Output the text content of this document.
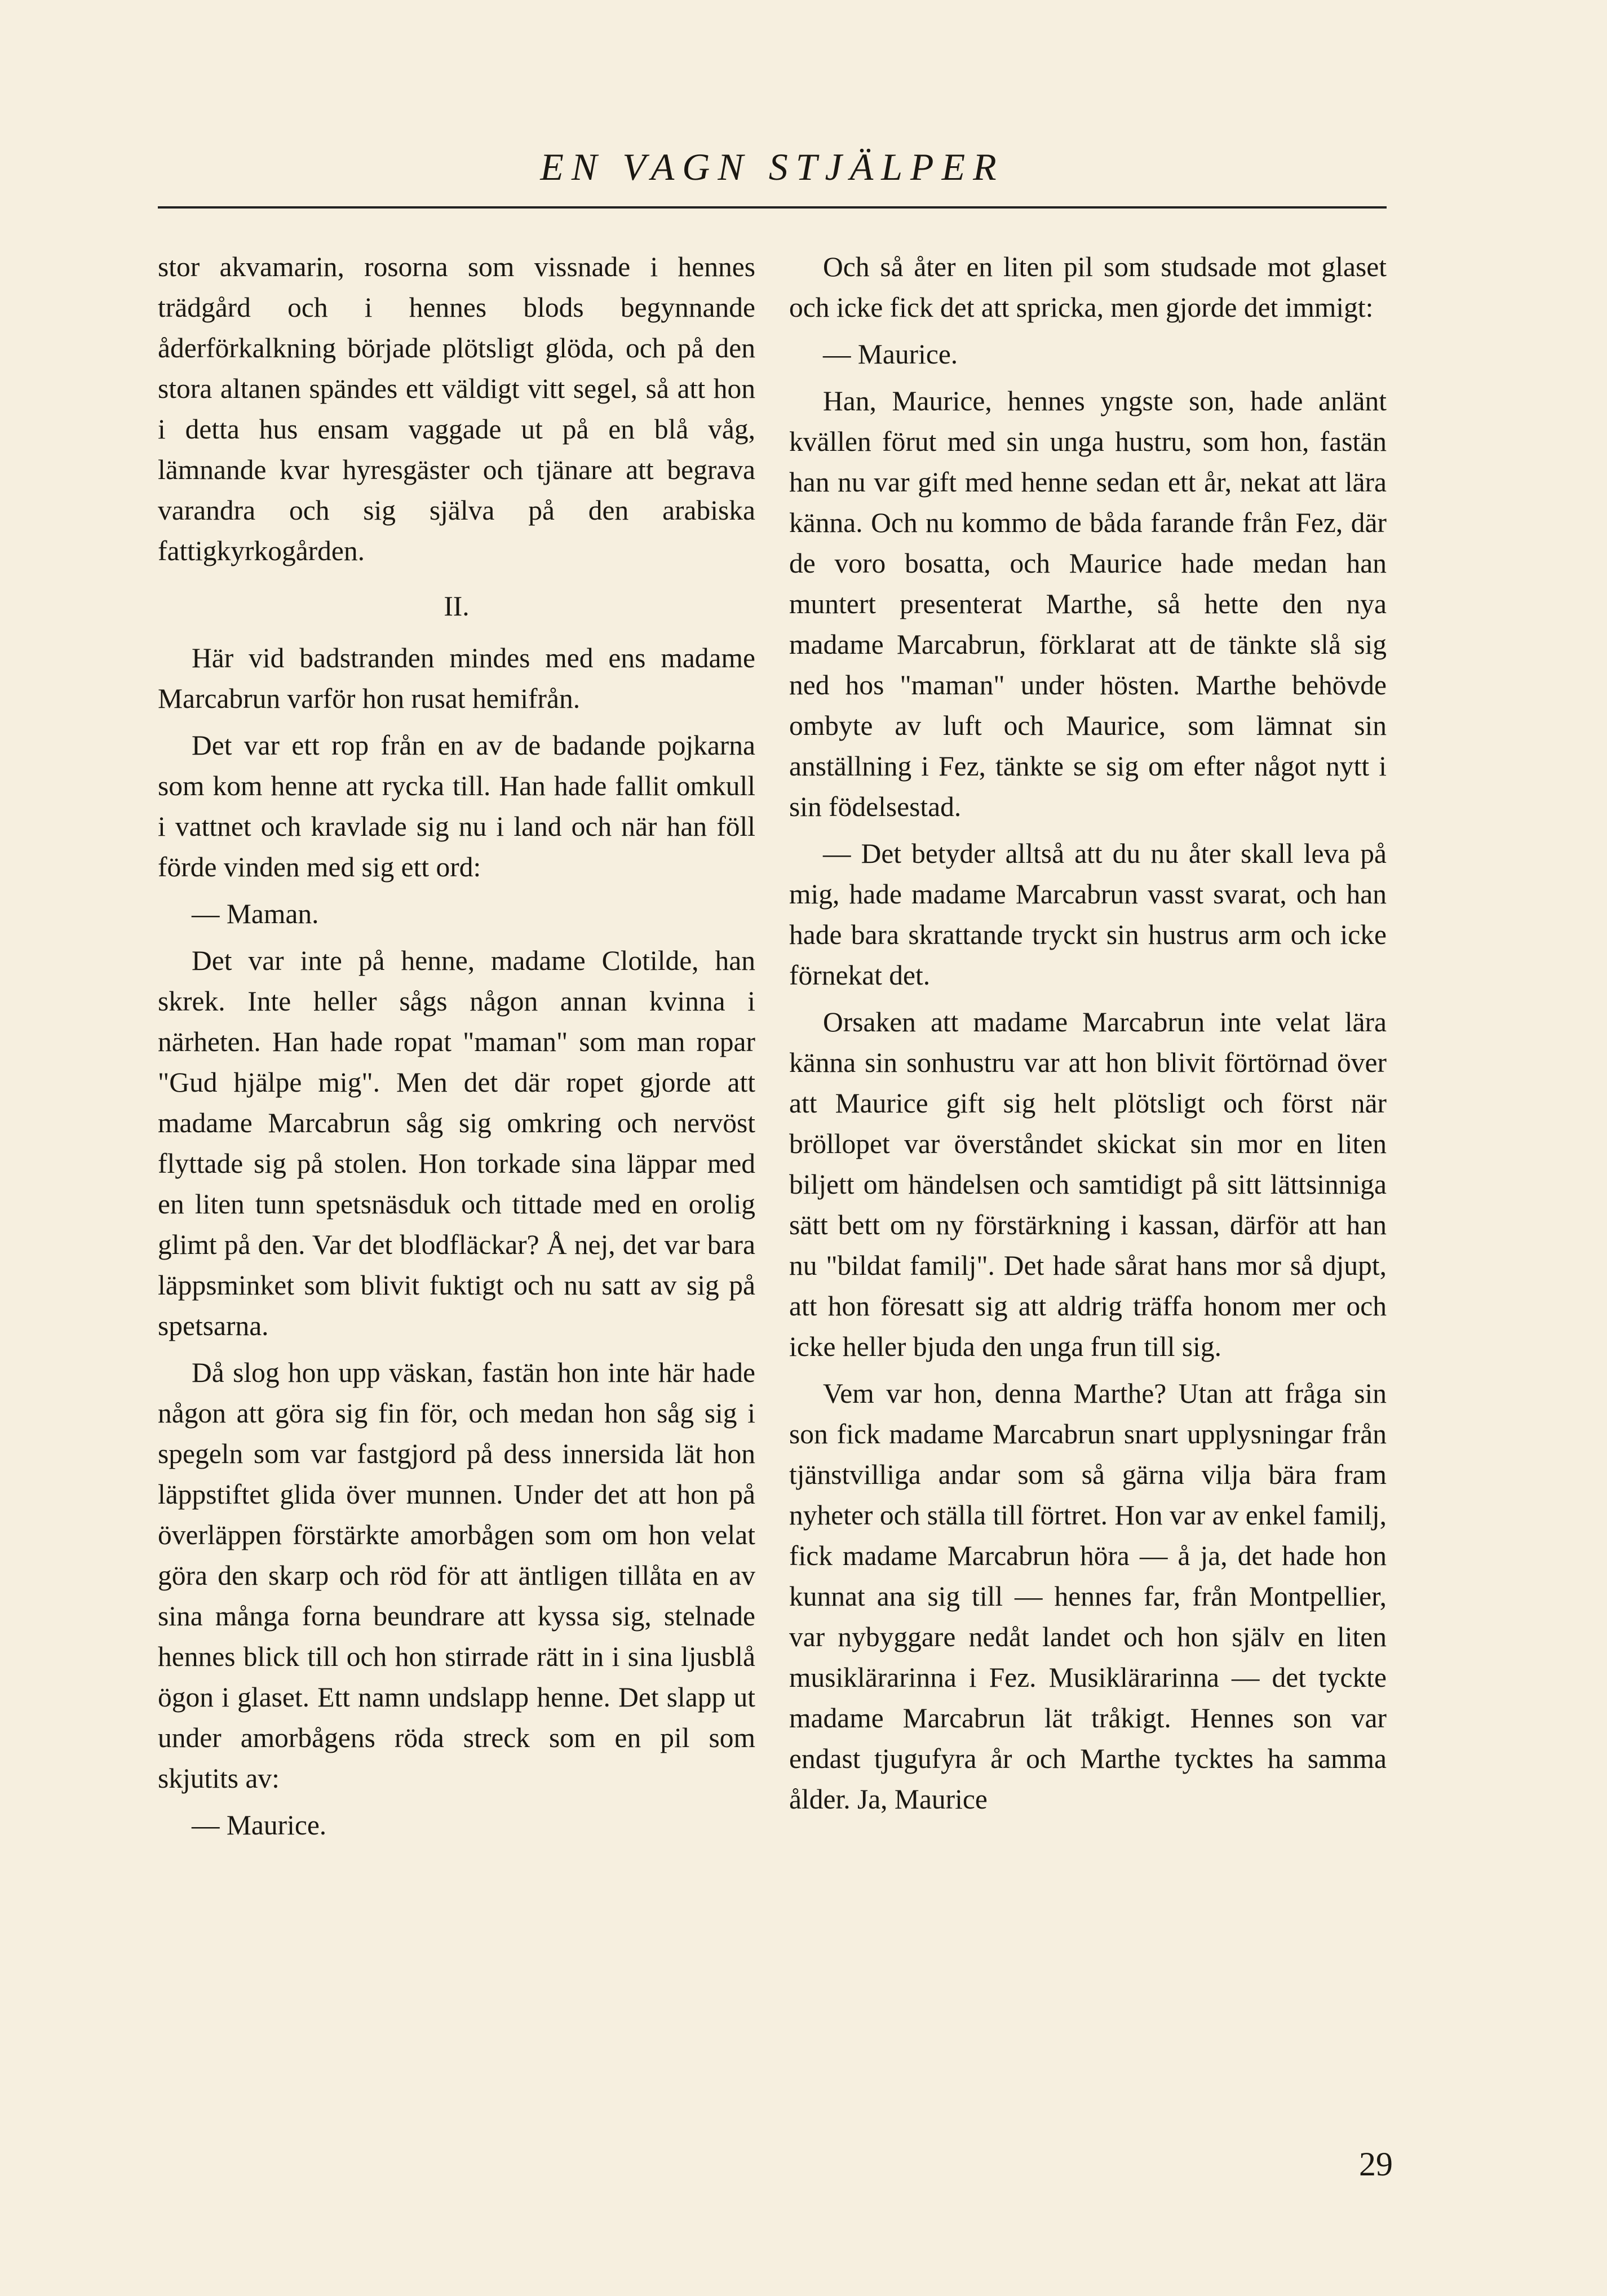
EN VAGN STJÄLPER

stor akvamarin, rosorna som vissnade i hennes trädgård och i hennes blods begynnande åderförkalkning började plötsligt glöda, och på den stora altanen spändes ett väldigt vitt segel, så att hon i detta hus ensam vaggade ut på en blå våg, lämnande kvar hyresgäster och tjänare att begrava varandra och sig själva på den arabiska fattigkyrkogården.

II.

Här vid badstranden mindes med ens madame Marcabrun varför hon rusat hemifrån.

Det var ett rop från en av de badande pojkarna som kom henne att rycka till. Han hade fallit omkull i vattnet och kravlade sig nu i land och när han föll förde vinden med sig ett ord:

— Maman.

Det var inte på henne, madame Clotilde, han skrek. Inte heller sågs någon annan kvinna i närheten. Han hade ropat "maman" som man ropar "Gud hjälpe mig". Men det där ropet gjorde att madame Marcabrun såg sig omkring och nervöst flyttade sig på stolen. Hon torkade sina läppar med en liten tunn spetsnäsduk och tittade med en orolig glimt på den. Var det blodfläckar? Å nej, det var bara läppsminket som blivit fuktigt och nu satt av sig på spetsarna.

Då slog hon upp väskan, fastän hon inte här hade någon att göra sig fin för, och medan hon såg sig i spegeln som var fastgjord på dess innersida lät hon läppstiftet glida över munnen. Under det att hon på överläppen förstärkte amorbågen som om hon velat göra den skarp och röd för att äntligen tillåta en av sina många forna beundrare att kyssa sig, stelnade hennes blick till och hon stirrade rätt in i sina ljusblå ögon i glaset. Ett namn undslapp henne. Det slapp ut under amorbågens röda streck som en pil som skjutits av:

— Maurice.

Och så åter en liten pil som studsade mot glaset och icke fick det att spricka, men gjorde det immigt:

— Maurice.

Han, Maurice, hennes yngste son, hade anlänt kvällen förut med sin unga hustru, som hon, fastän han nu var gift med henne sedan ett år, nekat att lära känna. Och nu kommo de båda farande från Fez, där de voro bosatta, och Maurice hade medan han muntert presenterat Marthe, så hette den nya madame Marcabrun, förklarat att de tänkte slå sig ned hos "maman" under hösten. Marthe behövde ombyte av luft och Maurice, som lämnat sin anställning i Fez, tänkte se sig om efter något nytt i sin födelsestad.

— Det betyder alltså att du nu åter skall leva på mig, hade madame Marcabrun vasst svarat, och han hade bara skrattande tryckt sin hustrus arm och icke förnekat det.

Orsaken att madame Marcabrun inte velat lära känna sin sonhustru var att hon blivit förtörnad över att Maurice gift sig helt plötsligt och först när bröllopet var överståndet skickat sin mor en liten biljett om händelsen och samtidigt på sitt lättsinniga sätt bett om ny förstärkning i kassan, därför att han nu "bildat familj". Det hade sårat hans mor så djupt, att hon föresatt sig att aldrig träffa honom mer och icke heller bjuda den unga frun till sig.

Vem var hon, denna Marthe? Utan att fråga sin son fick madame Marcabrun snart upplysningar från tjänstvilliga andar som så gärna vilja bära fram nyheter och ställa till förtret. Hon var av enkel familj, fick madame Marcabrun höra — å ja, det hade hon kunnat ana sig till — hennes far, från Montpellier, var nybyggare nedåt landet och hon själv en liten musiklärarinna i Fez. Musiklärarinna — det tyckte madame Marcabrun lät tråkigt. Hennes son var endast tjugufyra år och Marthe tycktes ha samma ålder. Ja, Maurice

29
